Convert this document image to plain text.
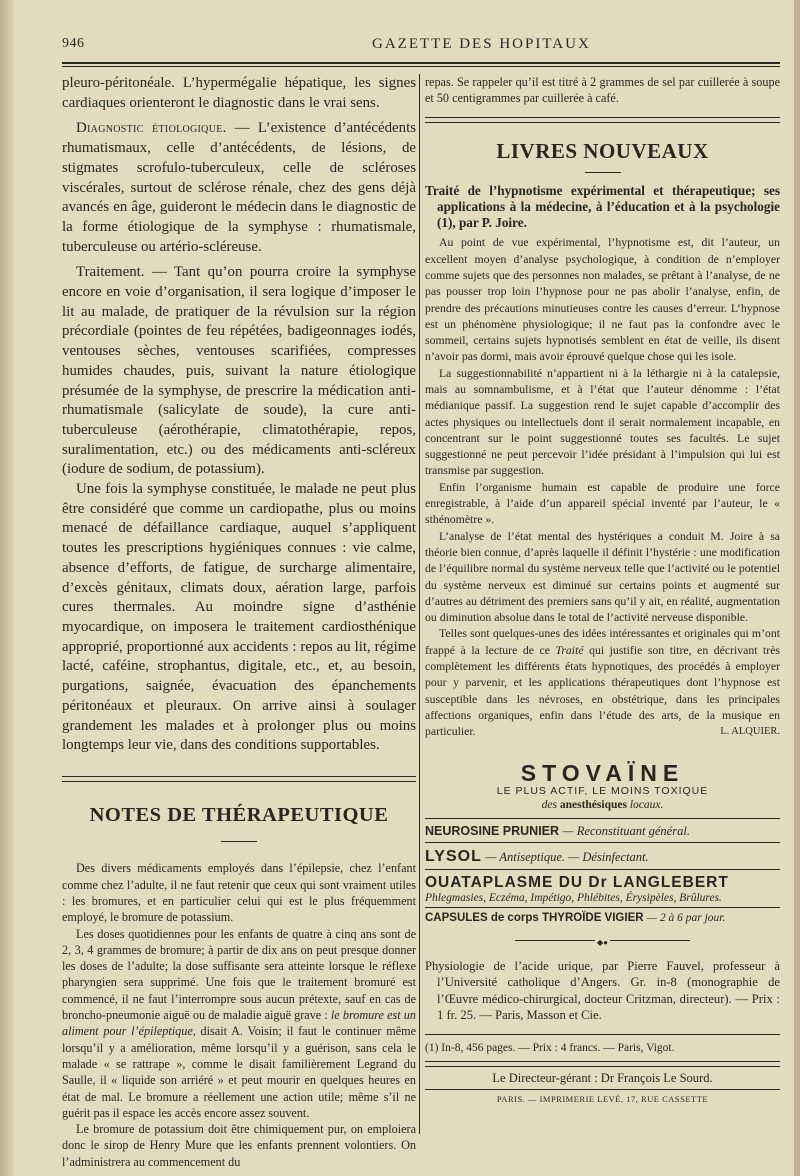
946	GAZETTE DES HOPITAUX

pleuro-péritonéale. L’hypermégalie hépatique, les signes cardiaques orienteront le diagnostic dans le vrai sens.

Diagnostic étiologique. — L’existence d’antécédents rhumatismaux, celle d’antécédents, de lésions, de stigmates scrofulo-tuberculeux, celle de scléroses viscérales, surtout de sclérose rénale, chez des gens déjà avancés en âge, guideront le médecin dans le diagnostic de la forme étiologique de la symphyse : rhumatismale, tuberculeuse ou artério-scléreuse.

Traitement. — Tant qu’on pourra croire la symphyse encore en voie d’organisation, il sera logique d’imposer le lit au malade, de pratiquer de la révulsion sur la région précordiale (pointes de feu répétées, badigeonnages iodés, ventouses sèches, ventouses scarifiées, compresses humides chaudes, puis, suivant la nature étiologique présumée de la symphyse, de prescrire la médication anti-rhumatismale (salicylate de soude), la cure anti-tuberculeuse (aérothérapie, climatothérapie, repos, suralimentation, etc.) ou des médicaments anti-scléreux (iodure de sodium, de potassium).

Une fois la symphyse constituée, le malade ne peut plus être considéré que comme un cardiopathe, plus ou moins menacé de défaillance cardiaque, auquel s’appliquent toutes les prescriptions hygiéniques connues : vie calme, absence d’efforts, de fatigue, de surcharge alimentaire, d’excès génitaux, climats doux, aération large, parfois cures thermales. Au moindre signe d’asthénie myocardique, on imposera le traitement cardiosthénique approprié, proportionné aux accidents : repos au lit, régime lacté, caféine, strophantus, digitale, etc., et, au besoin, purgations, saignée, évacuation des épanchements péritonéaux et pleuraux. On arrive ainsi à soulager grandement les malades et à prolonger plus ou moins longtemps leur vie, dans des conditions supportables.

NOTES DE THÉRAPEUTIQUE

Des divers médicaments employés dans l’épilepsie, chez l’enfant comme chez l’adulte, il ne faut retenir que ceux qui sont vraiment utiles : les bromures, et en particulier celui qui est le plus fréquemment employé, le bromure de potassium.

Les doses quotidiennes pour les enfants de quatre à cinq ans sont de 2, 3, 4 grammes de bromure; à partir de dix ans on peut presque donner les doses de l’adulte; la dose suffisante sera atteinte lorsque le réflexe pharyngien sera supprimé. Une fois que le traitement bromuré est commencé, il ne faut l’interrompre sous aucun prétexte, sauf en cas de broncho-pneumonie aiguë ou de maladie aiguë grave : le bromure est un aliment pour l’épileptique, disait A. Voisin; il faut le continuer même lorsqu’il y a amélioration, même lorsqu’il y a guérison, sans cela le malade « se rattrape », comme le disait familièrement Legrand du Saulle, il « liquide son arriéré » et peut mourir en quelques heures en état de mal. Le bromure a réellement une action utile; même s’il ne guérit pas il espace les accès encore assez souvent.

Le bromure de potassium doit être chimiquement pur, on emploiera donc le sirop de Henry Mure que les enfants prennent volontiers. On l’administrera au commencement du

repas. Se rappeler qu’il est titré à 2 grammes de sel par cuillerée à soupe et 50 centigrammes par cuillerée à café.

LIVRES NOUVEAUX

Traité de l’hypnotisme expérimental et thérapeutique; ses applications à la médecine, à l’éducation et à la psychologie (1), par P. Joire.

Au point de vue expérimental, l’hypnotisme est, dit l’auteur, un excellent moyen d’analyse psychologique, à condition de n’employer comme sujets que des personnes non malades, se prêtant à l’analyse, de ne pas pousser trop loin l’hypnose pour ne pas abolir l’analyse, enfin, de prendre des précautions minutieuses contre les causes d’erreur. L’hypnose est un phénomène physiologique; il ne faut pas la confondre avec le sommeil, certains sujets hypnotisés semblent en état de veille, ils disent n’avoir pas dormi, mais avoir éprouvé quelque chose qui les isole.

La suggestionnabilité n’appartient ni à la léthargie ni à la catalepsie, mais au somnambulisme, et à l’état que l’auteur dénomme : l’état médianique passif. La suggestion rend le sujet capable d’accomplir des actes physiques ou intellectuels dont il serait normalement incapable, en concentrant sur le point suggestionné toutes ses facultés. Le sujet suggestionné ne peut percevoir l’idée présidant à l’impulsion qui lui est transmise par suggestion.

Enfin l’organisme humain est capable de produire une force enregistrable, à l’aide d’un appareil spécial inventé par l’auteur, le « sthénomètre ».

L’analyse de l’état mental des hystériques a conduit M. Joire à sa théorie bien connue, d’après laquelle il définit l’hystérie : une modification de l’équilibre normal du système nerveux telle que l’activité ou le potentiel du système nerveux est diminué sur certains points et augmenté sur d’autres au détriment des premiers sans qu’il y ait, en réalité, augmentation ou diminution absolue dans le total de l’activité nerveuse disponible.

Telles sont quelques-unes des idées intéressantes et originales qui m’ont frappé à la lecture de ce Traité qui justifie son titre, en décrivant très complètement les différents états hypnotiques, des procédés à employer pour y parvenir, et les applications thérapeutiques dont l’hypnose est susceptible dans les névroses, en obstétrique, dans les principales affections organiques, enfin dans l’étude des arts, de la musique en particulier.	L. ALQUIER.

STOVAÏNE
LE PLUS ACTIF, LE MOINS TOXIQUE
des anesthésiques locaux.
NEUROSINE PRUNIER — Reconstituant général.
LYSOL — Antiseptique. — Désinfectant.
OUATAPLASME DU Dr LANGLEBERT
Phlegmasies, Eczéma, Impétigo, Phlébites, Érysipèles, Brûlures.
CAPSULES de corps THYROÏDE VIGIER — 2 à 6 par jour.
◆●

Physiologie de l’acide urique, par Pierre Fauvel, professeur à l’Université catholique d’Angers. Gr. in-8 (monographie de l’Œuvre médico-chirurgical, docteur Critzman, directeur). — Prix : 1 fr. 25. — Paris, Masson et Cie.

(1) In-8, 456 pages. — Prix : 4 francs. — Paris, Vigot.

Le Directeur-gérant : Dr François Le Sourd.

PARIS. — IMPRIMERIE LEVÉ, 17, RUE CASSETTE
